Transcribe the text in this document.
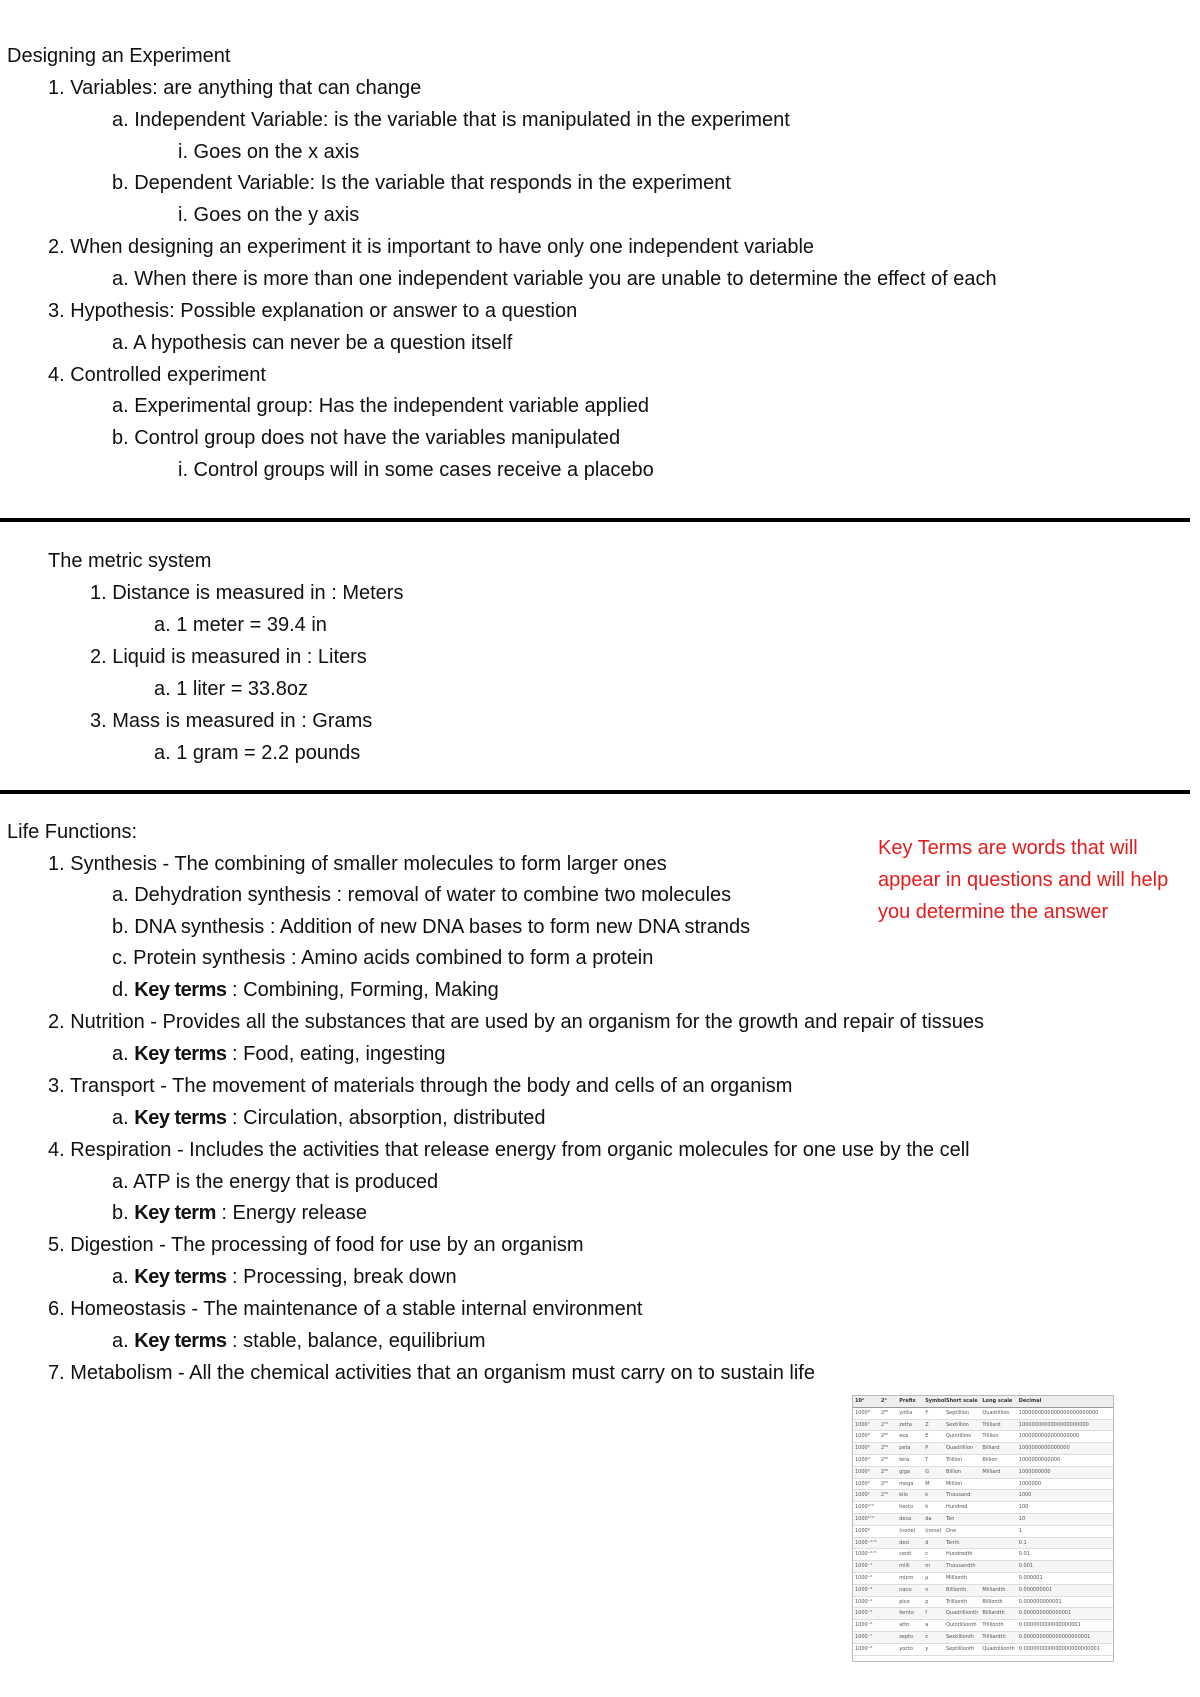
Designing an Experiment
1. Variables: are anything that can change
a. Independent Variable: is the variable that is manipulated in the experiment
i. Goes on the x axis
b. Dependent Variable: Is the variable that responds in the experiment
i. Goes on the y axis
2. When designing an experiment it is important to have only one independent variable
a. When there is more than one independent variable you are unable to determine the effect of each
3. Hypothesis: Possible explanation or answer to a question
a. A hypothesis can never be a question itself
4. Controlled experiment
a. Experimental group: Has the independent variable applied
b. Control group does not have the variables manipulated
i. Control groups will in some cases receive a placebo
The metric system
1. Distance is measured in : Meters
a. 1 meter = 39.4 in
2. Liquid is measured in : Liters
a. 1 liter = 33.8oz
3. Mass is measured in : Grams
a. 1 gram = 2.2 pounds
Life Functions:
1. Synthesis - The combining of smaller molecules to form larger ones
a. Dehydration synthesis : removal of water to combine two molecules
b. DNA synthesis : Addition of new DNA bases to form new DNA strands
c. Protein synthesis : Amino acids combined to form a protein
d. Key terms : Combining, Forming, Making
2. Nutrition - Provides all the substances that are used by an organism for the growth and repair of tissues
a. Key terms : Food, eating, ingesting
3. Transport - The movement of materials through the body and cells of an organism
a. Key terms : Circulation, absorption, distributed
4. Respiration - Includes the activities that release energy from organic molecules for one use by the cell
a. ATP is the energy that is produced
b. Key term : Energy release
5. Digestion - The processing of food for use by an organism
a. Key terms : Processing, break down
6. Homeostasis - The maintenance of a stable internal environment
a. Key terms : stable, balance, equilibrium
7. Metabolism - All the chemical activities that an organism must carry on to sustain life
Key Terms are words that will
appear in questions and will help
you determine the answer
10ⁿ	2ⁿ	Prefix	Symbol	Short scale	Long scale	Decimal
1000⁸	2⁸⁰	yotta	Y	Septillion	Quadrillion	1000000000000000000000000
1000⁷	2⁷⁰	zetta	Z	Sextillion	Trilliard	1000000000000000000000
1000⁶	2⁶⁰	exa	E	Quintillion	Trillion	1000000000000000000
1000⁵	2⁵⁰	peta	P	Quadrillion	Billiard	1000000000000000
1000⁴	2⁴⁰	tera	T	Trillion	Billion	1000000000000
1000³	2³⁰	giga	G	Billion	Milliard	1000000000
1000²	2²⁰	mega	M	Million		1000000
1000¹	2¹⁰	kilo	k	Thousand		1000
1000²ᐟ³		hecto	h	Hundred		100
1000¹ᐟ³		deca	da	Ten		10
1000⁰		(none)	(none)	One		1
1000⁻¹ᐟ³		deci	d	Tenth		0.1
1000⁻²ᐟ³		centi	c	Hundredth		0.01
1000⁻¹		milli	m	Thousandth		0.001
1000⁻²		micro	μ	Millionth		0.000001
1000⁻³		nano	n	Billionth	Milliardth	0.000000001
1000⁻⁴		pico	p	Trillionth	Billionth	0.000000000001
1000⁻⁵		femto	f	Quadrillionth	Billiardth	0.000000000000001
1000⁻⁶		atto	a	Quintillionth	Trillionth	0.000000000000000001
1000⁻⁷		zepto	z	Sextillionth	Trilliardth	0.000000000000000000001
1000⁻⁸		yocto	y	Septillionth	Quadrillionth	0.000000000000000000000001
